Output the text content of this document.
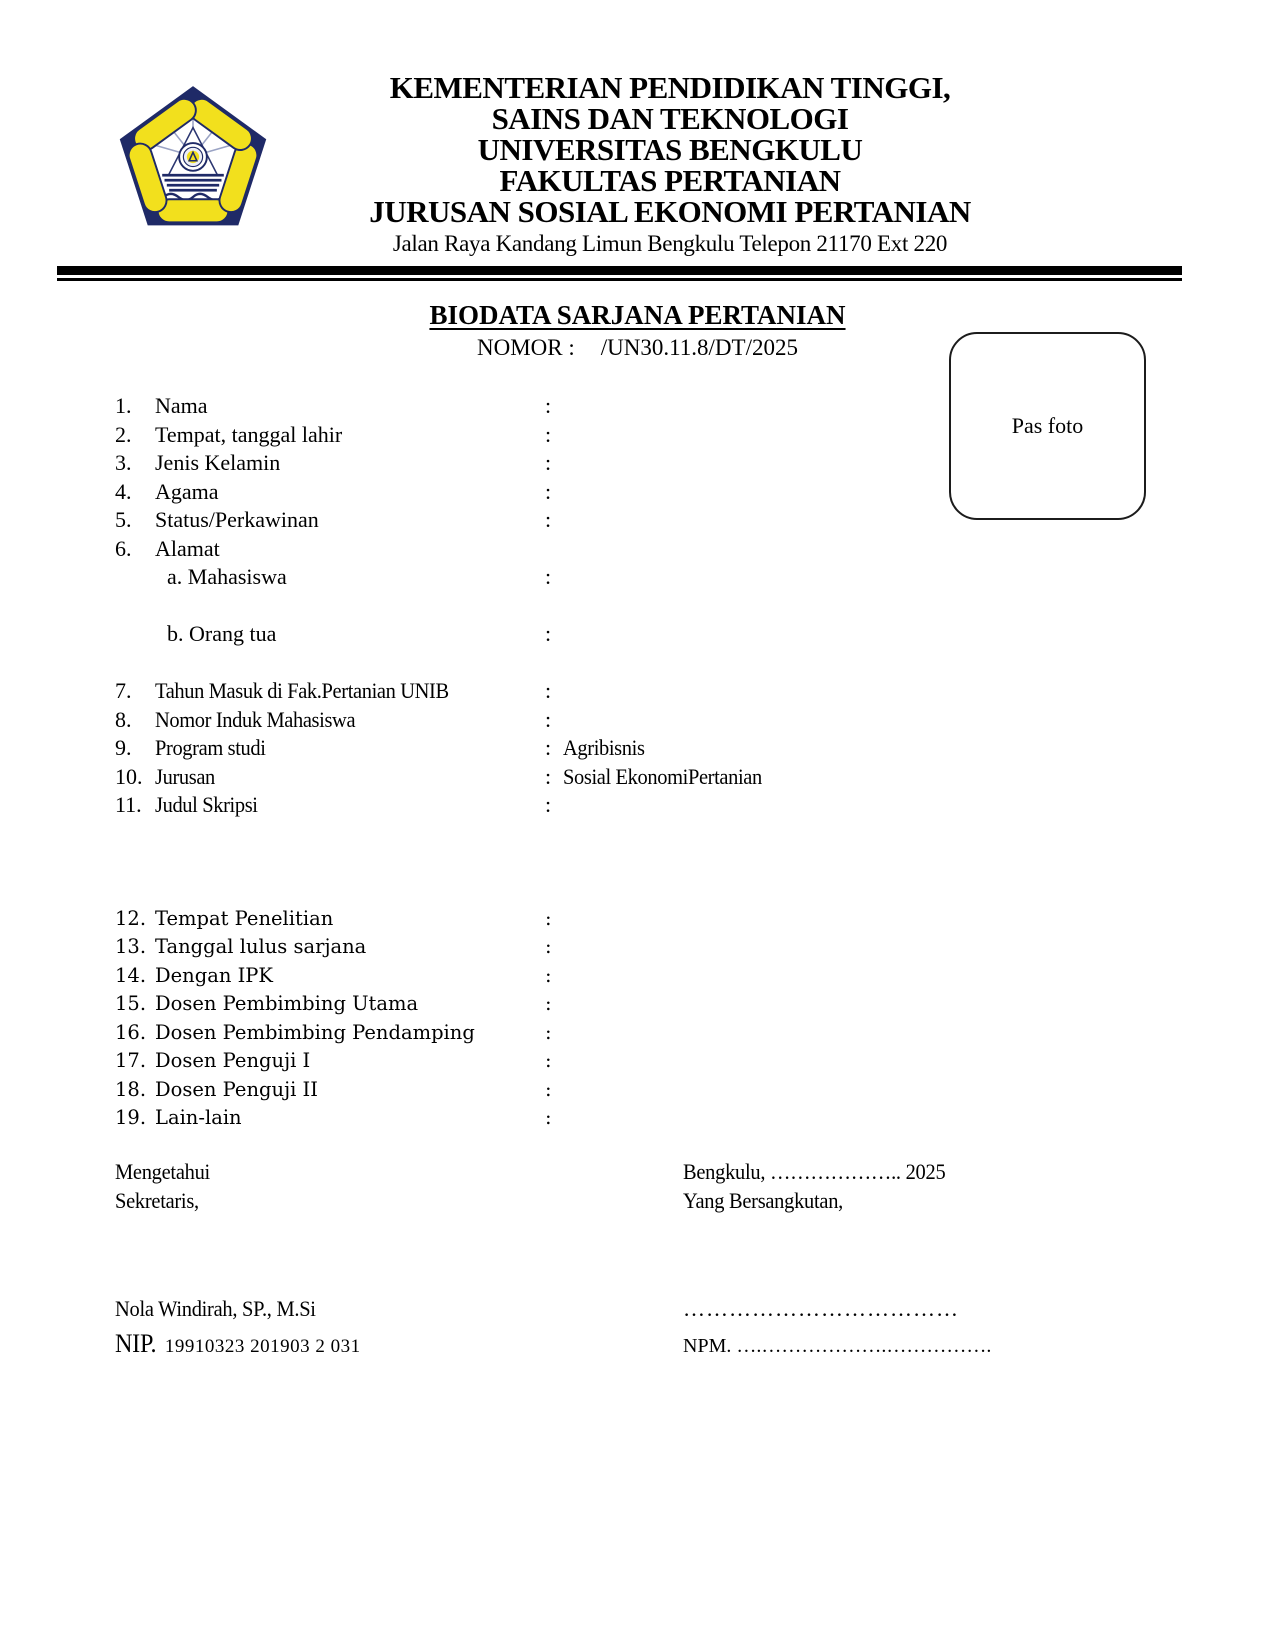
KEMENTERIAN PENDIDIKAN TINGGI,
SAINS DAN TEKNOLOGI
UNIVERSITAS BENGKULU
FAKULTAS PERTANIAN
JURUSAN SOSIAL EKONOMI PERTANIAN
Jalan Raya Kandang Limun Bengkulu Telepon 21170 Ext 220
BIODATA SARJANA PERTANIAN
NOMOR : /UN30.11.8/DT/2025
Pas foto
1.	Nama	:
2.	Tempat, tanggal lahir	:
3.	Jenis Kelamin	:
4.	Agama	:
5.	Status/Perkawinan	:
6.	Alamat
a. Mahasiswa	:
b. Orang tua	:
7.	Tahun Masuk di Fak.Pertanian UNIB	:
8.	Nomor Induk Mahasiswa	:
9.	Program studi	: Agribisnis
10. Jurusan	: Sosial EkonomiPertanian
11. Judul Skripsi	:
12. Tempat Penelitian	:
13. Tanggal lulus sarjana	:
14. Dengan IPK	:
15. Dosen Pembimbing Utama	:
16. Dosen Pembimbing Pendamping	:
17. Dosen Penguji I	:
18. Dosen Penguji II	:
19. Lain-lain	:
Mengetahui
Sekretaris,
Bengkulu, ……………….. 2025
Yang Bersangkutan,
Nola Windirah, SP., M.Si
NIP. 19910323 201903 2 031
………………………………
NPM. ….……………….…………….
